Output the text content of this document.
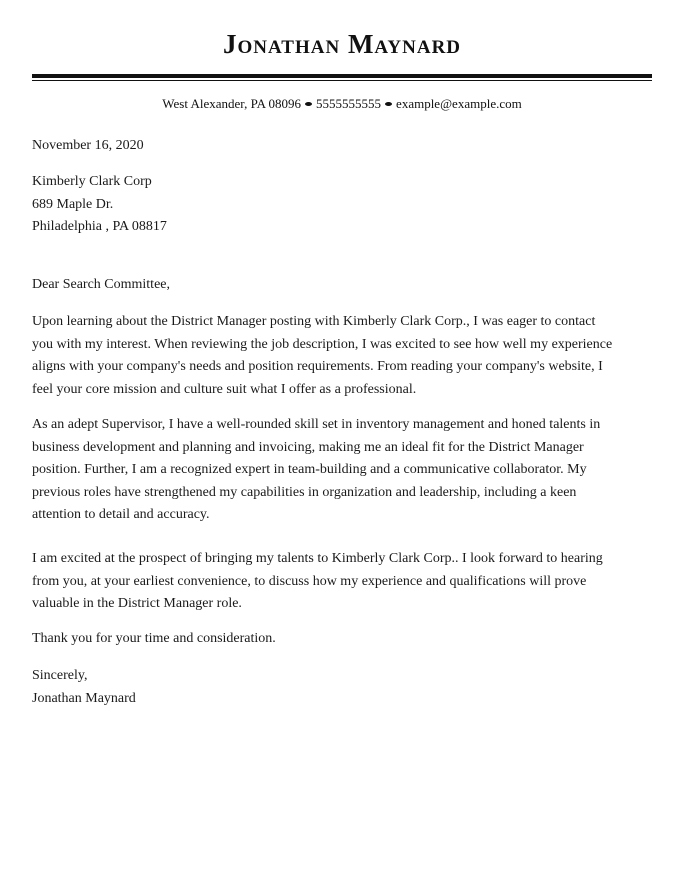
Jonathan Maynard
West Alexander, PA 08096 5555555555 example@example.com
November 16, 2020
Kimberly Clark Corp
689 Maple Dr.
Philadelphia , PA 08817
Dear Search Committee,
Upon learning about the District Manager posting with Kimberly Clark Corp., I was eager to contact
you with my interest. When reviewing the job description, I was excited to see how well my experience
aligns with your company's needs and position requirements. From reading your company's website, I
feel your core mission and culture suit what I offer as a professional.
As an adept Supervisor, I have a well-rounded skill set in inventory management and honed talents in
business development and planning and invoicing, making me an ideal fit for the District Manager
position. Further, I am a recognized expert in team-building and a communicative collaborator. My
previous roles have strengthened my capabilities in organization and leadership, including a keen
attention to detail and accuracy.
I am excited at the prospect of bringing my talents to Kimberly Clark Corp.. I look forward to hearing
from you, at your earliest convenience, to discuss how my experience and qualifications will prove
valuable in the District Manager role.
Thank you for your time and consideration.
Sincerely,
Jonathan Maynard
